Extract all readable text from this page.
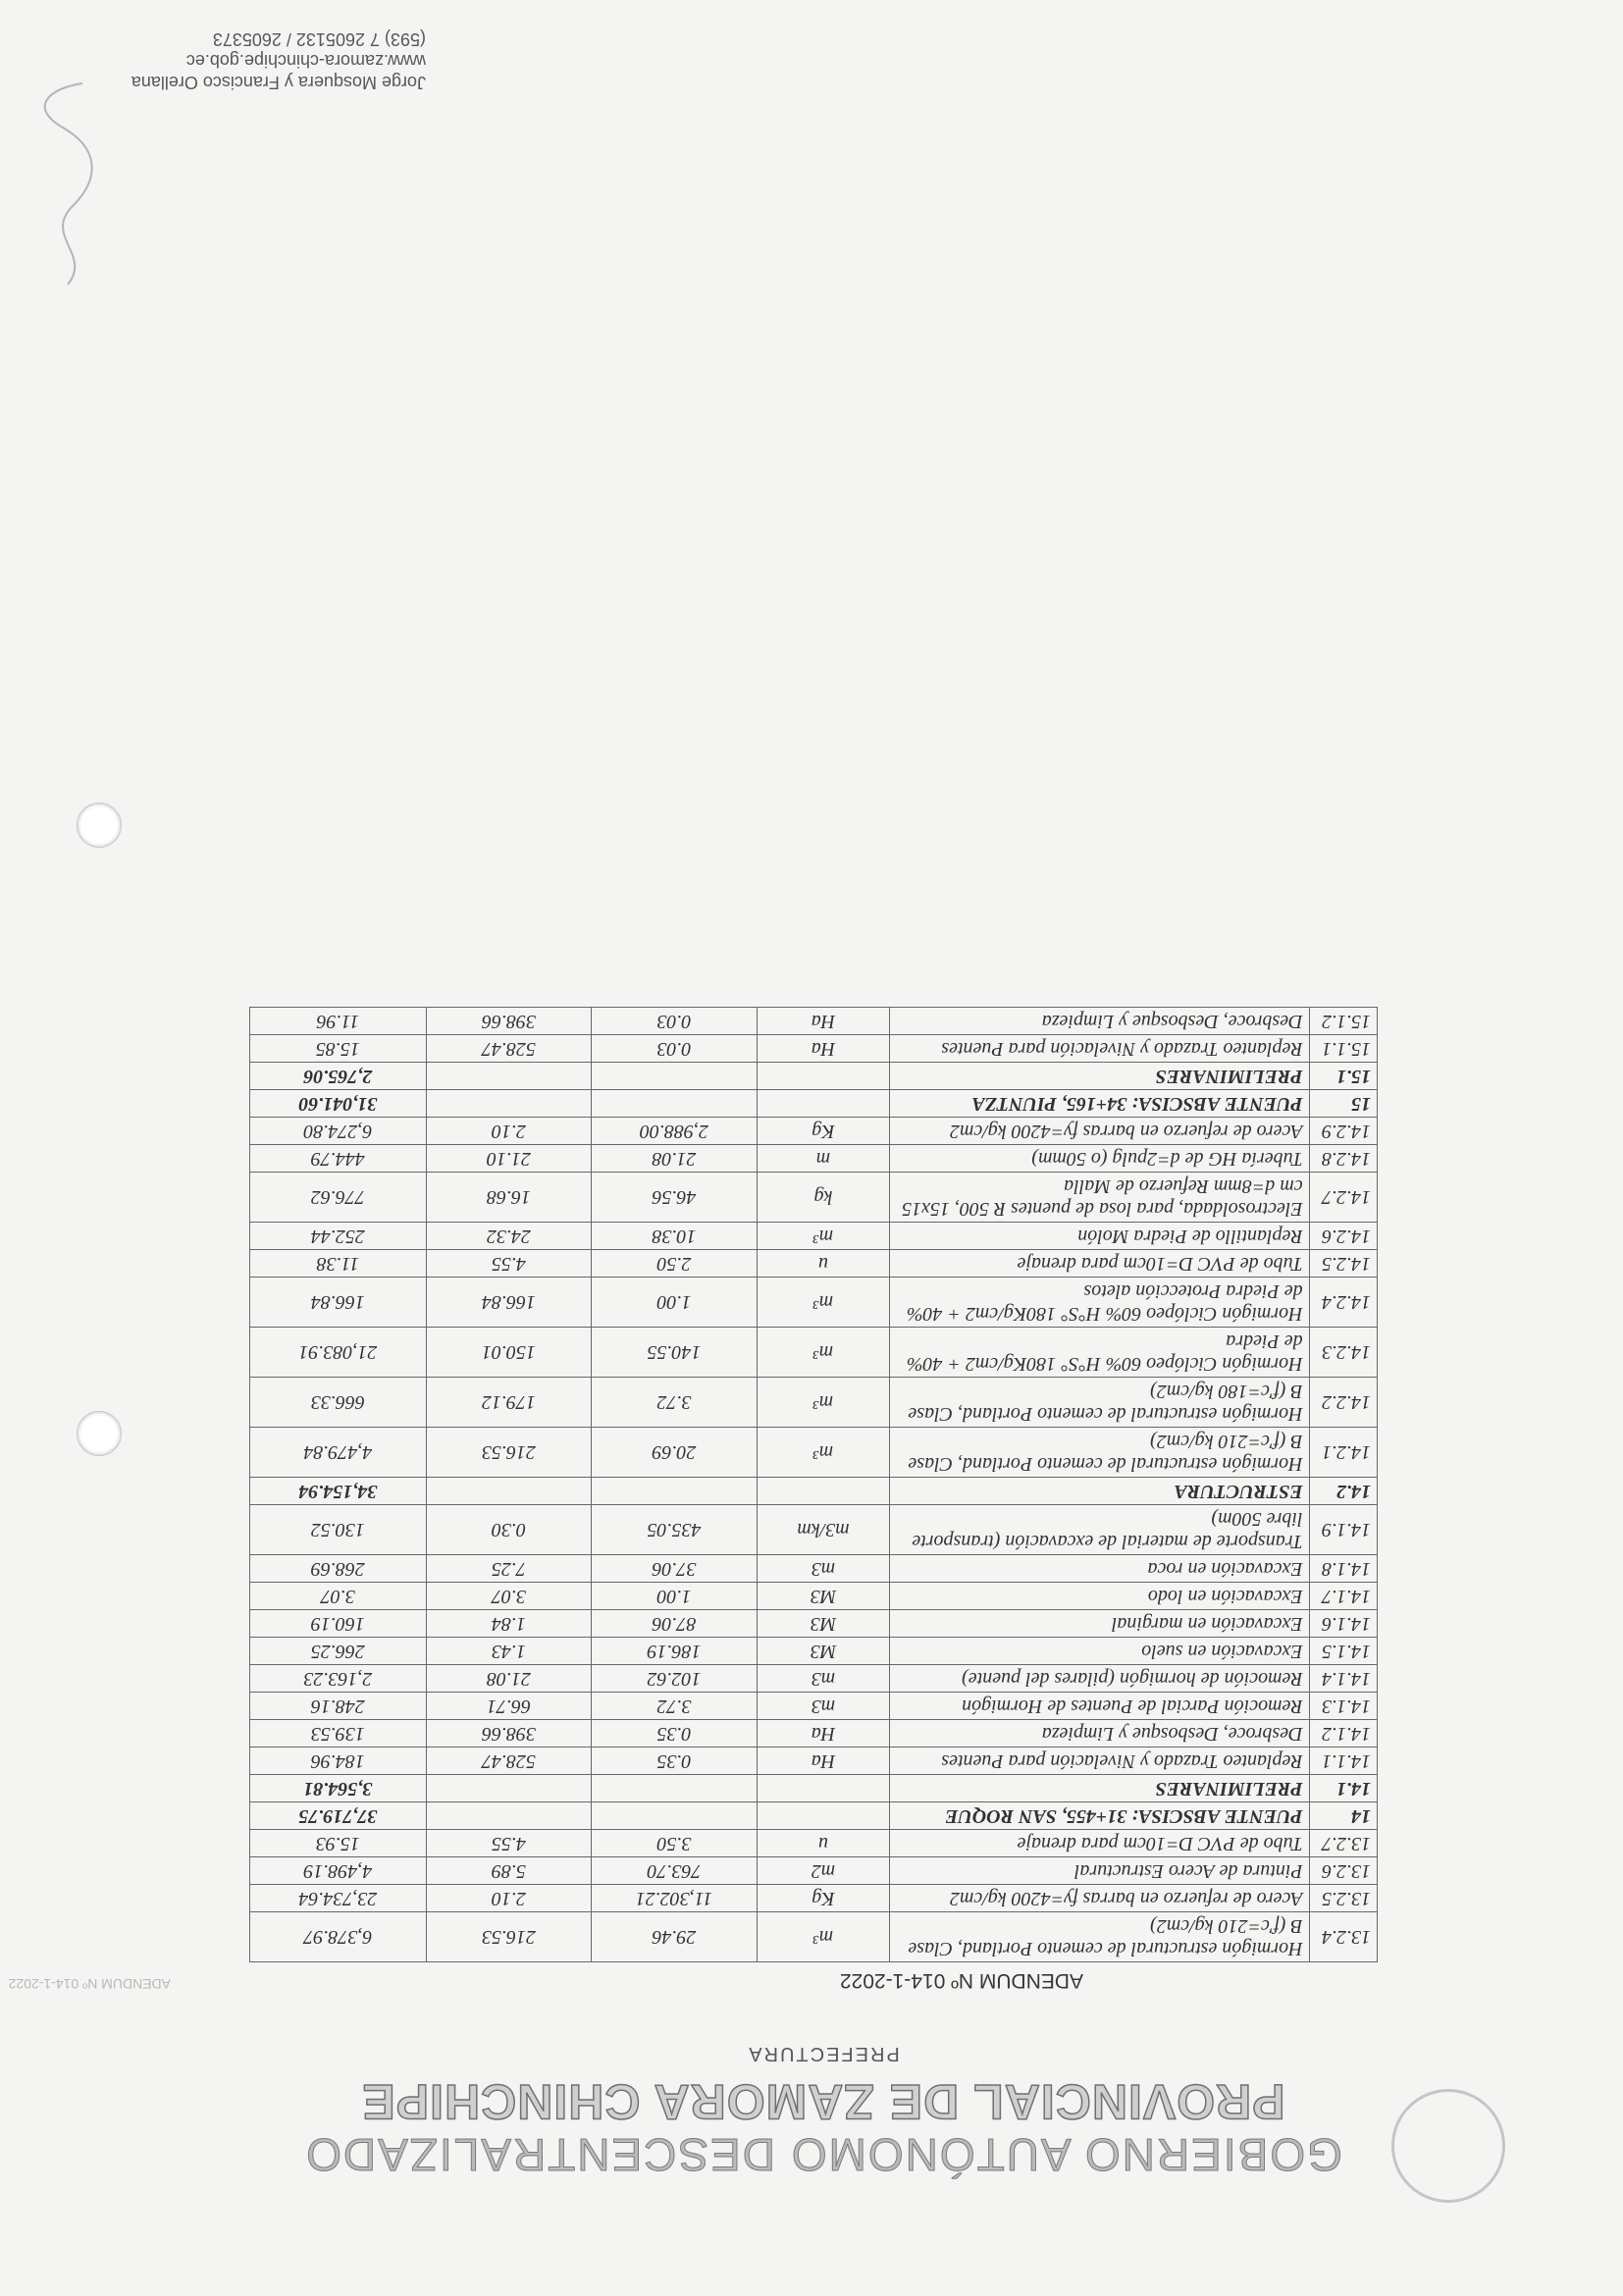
GOBIERNO AUTÓNOMO DESCENTRALIZADO
PROVINCIAL DE ZAMORA CHINCHIPE
PREFECTURA
ADENDUM Nº 014-1-2022
ADENDUM Nº 014-1-2022
13.2.4	Hormigón estructural de cemento Portland, Clase B (f'c=210 kg/cm2)	m³	29.46	216.53	6,378.97
13.2.5	Acero de refuerzo en barras fy=4200 kg/cm2	Kg	11,302.21	2.10	23,734.64
13.2.6	Pintura de Acero Estructural	m2	763.70	5.89	4,498.19
13.2.7	Tubo de PVC D=10cm para drenaje	u	3.50	4.55	15.93
14	PUENTE ABSCISA: 31+455, SAN ROQUE				37,719.75
14.1	PRELIMINARES				3,564.81
14.1.1	Replanteo Trazado y Nivelación para Puentes	Ha	0.35	528.47	184.96
14.1.2	Desbroce, Desbosque y Limpieza	Ha	0.35	398.66	139.53
14.1.3	Remoción Parcial de Puentes de Hormigón	m3	3.72	66.71	248.16
14.1.4	Remoción de hormigón (pilares del puente)	m3	102.62	21.08	2,163.23
14.1.5	Excavación en suelo	M3	186.19	1.43	266.25
14.1.6	Excavación en marginal	M3	87.06	1.84	160.19
14.1.7	Excavación en lodo	M3	1.00	3.07	3.07
14.1.8	Excavación en roca	m3	37.06	7.25	268.69
14.1.9	Transporte de material de excavación (transporte libre 500m)	m3/km	435.05	0.30	130.52
14.2	ESTRUCTURA				34,154.94
14.2.1	Hormigón estructural de cemento Portland, Clase B (f'c=210 kg/cm2)	m³	20.69	216.53	4,479.84
14.2.2	Hormigón estructural de cemento Portland, Clase B (f'c=180 kg/cm2)	m³	3.72	179.12	666.33
14.2.3	Hormigón Ciclópeo 60% H°S° 180Kg/cm2 + 40% de Piedra	m³	140.55	150.01	21,083.91
14.2.4	Hormigón Ciclópeo 60% H°S° 180Kg/cm2 + 40% de Piedra Protección aletos	m³	1.00	166.84	166.84
14.2.5	Tubo de PVC D=10cm para drenaje	u	2.50	4.55	11.38
14.2.6	Replantillo de Piedra Molón	m³	10.38	24.32	252.44
14.2.7	Electrosoldada, para losa de puentes R 500, 15x15 cm d=8mm Refuerzo de Malla	kg	46.56	16.68	776.62
14.2.8	Tubería HG de d=2pulg (o 50mm)	m	21.08	21.10	444.79
14.2.9	Acero de refuerzo en barras fy=4200 kg/cm2	Kg	2,988.00	2.10	6,274.80
15	PUENTE ABSCISA: 34+165, PIUNTZA				31,041.60
15.1	PRELIMINARES				2,765.06
15.1.1	Replanteo Trazado y Nivelación para Puentes	Ha	0.03	528.47	15.85
15.1.2	Desbroce, Desbosque y Limpieza	Ha	0.03	398.66	11.96
Jorge Mosquera y Francisco Orellana
www.zamora-chinchipe.gob.ec
(593) 7 2605132 / 2605373
